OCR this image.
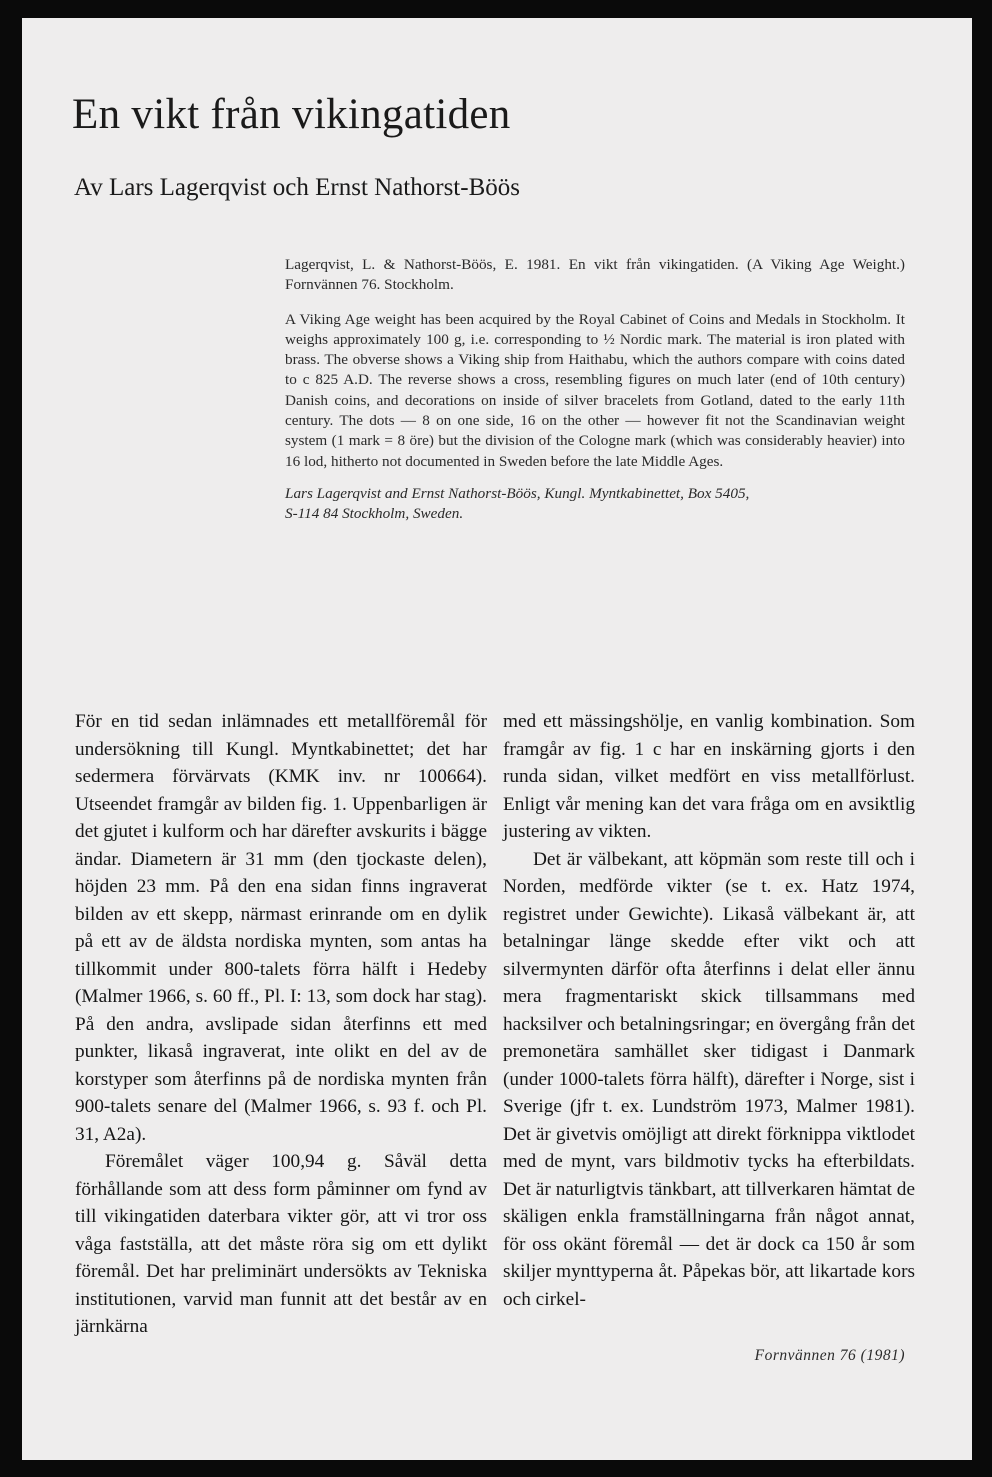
En vikt från vikingatiden
Av Lars Lagerqvist och Ernst Nathorst-Böös

Lagerqvist, L. & Nathorst-Böös, E. 1981. En vikt från vikingatiden. (A Viking Age Weight.) Fornvännen 76. Stockholm.

A Viking Age weight has been acquired by the Royal Cabinet of Coins and Medals in Stockholm. It weighs approximately 100 g, i.e. corresponding to ½ Nordic mark. The material is iron plated with brass. The obverse shows a Viking ship from Haithabu, which the authors compare with coins dated to c 825 A.D. The reverse shows a cross, resembling figures on much later (end of 10th century) Danish coins, and decorations on inside of silver bracelets from Gotland, dated to the early 11th century. The dots — 8 on one side, 16 on the other — however fit not the Scandinavian weight system (1 mark = 8 öre) but the division of the Cologne mark (which was considerably heavier) into 16 lod, hitherto not documented in Sweden before the late Middle Ages.

Lars Lagerqvist and Ernst Nathorst-Böös, Kungl. Myntkabinettet, Box 5405,
S-114 84 Stockholm, Sweden.

För en tid sedan inlämnades ett metallföremål för undersökning till Kungl. Myntkabinettet; det har sedermera förvärvats (KMK inv. nr 100664). Utseendet framgår av bilden fig. 1. Uppenbarligen är det gjutet i kulform och har därefter avskurits i bägge ändar. Diametern är 31 mm (den tjockaste delen), höjden 23 mm. På den ena sidan finns ingraverat bilden av ett skepp, närmast erinrande om en dylik på ett av de äldsta nordiska mynten, som antas ha tillkommit under 800-talets förra hälft i Hedeby (Malmer 1966, s. 60 ff., Pl. I: 13, som dock har stag). På den andra, avslipade sidan återfinns ett med punkter, likaså ingraverat, inte olikt en del av de korstyper som återfinns på de nordiska mynten från 900-talets senare del (Malmer 1966, s. 93 f. och Pl. 31, A2a).

Föremålet väger 100,94 g. Såväl detta förhållande som att dess form påminner om fynd av till vikingatiden daterbara vikter gör, att vi tror oss våga fastställa, att det måste röra sig om ett dylikt föremål. Det har preliminärt undersökts av Tekniska institutionen, varvid man funnit att det består av en järnkärna

med ett mässingshölje, en vanlig kombination. Som framgår av fig. 1 c har en inskärning gjorts i den runda sidan, vilket medfört en viss metallförlust. Enligt vår mening kan det vara fråga om en avsiktlig justering av vikten.

Det är välbekant, att köpmän som reste till och i Norden, medförde vikter (se t. ex. Hatz 1974, registret under Gewichte). Likaså välbekant är, att betalningar länge skedde efter vikt och att silvermynten därför ofta återfinns i delat eller ännu mera fragmentariskt skick tillsammans med hacksilver och betalningsringar; en övergång från det premonetära samhället sker tidigast i Danmark (under 1000-talets förra hälft), därefter i Norge, sist i Sverige (jfr t. ex. Lundström 1973, Malmer 1981). Det är givetvis omöjligt att direkt förknippa viktlodet med de mynt, vars bildmotiv tycks ha efterbildats. Det är naturligtvis tänkbart, att tillverkaren hämtat de skäligen enkla framställningarna från något annat, för oss okänt föremål — det är dock ca 150 år som skiljer mynttyperna åt. Påpekas bör, att likartade kors och cirkel-

Fornvännen 76 (1981)
